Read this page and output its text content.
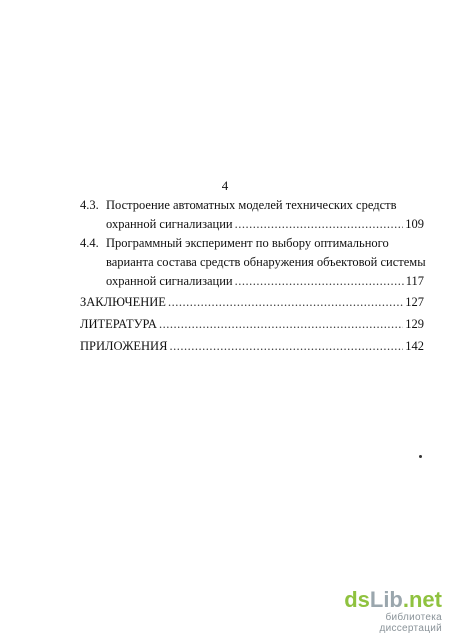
4
4.3. Построение автоматных моделей технических средств
охранной сигнализации .....	109
4.4. Программный эксперимент по выбору оптимального
варианта состава средств обнаружения объектовой системы
охранной сигнализации .....	117
ЗАКЛЮЧЕНИЕ .....	127
ЛИТЕРАТУРА .....	129
ПРИЛОЖЕНИЯ .....	142
dsLib.net
библиотека диссертаций
